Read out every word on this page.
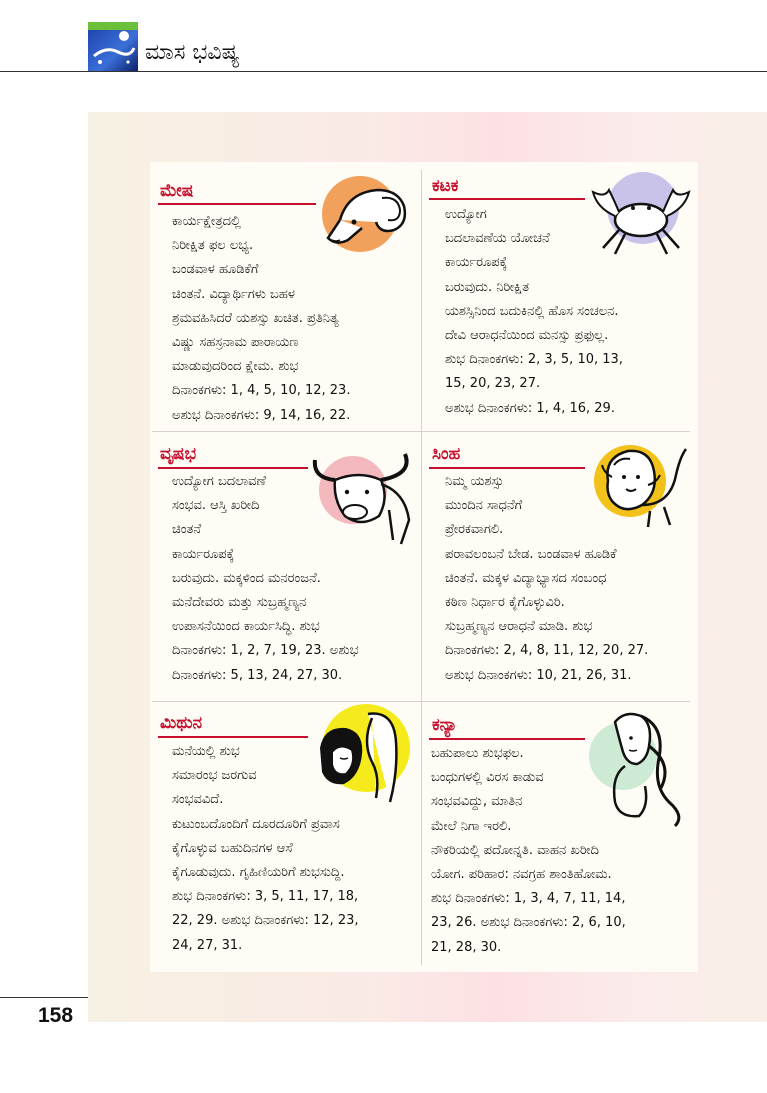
ಮಾಸ ಭವಿಷ್ಯ
ಮೇಷ
ಕಾರ್ಯಕ್ಷೇತ್ರದಲ್ಲಿ
ನಿರೀಕ್ಷಿತ ಫಲ ಲಭ್ಯ.
ಬಂಡವಾಳ ಹೂಡಿಕೆಗೆ
ಚಿಂತನೆ. ವಿದ್ಯಾರ್ಥಿಗಳು ಬಹಳ
ಶ್ರಮವಹಿಸಿದರೆ ಯಶಸ್ಸು ಖಚಿತ. ಪ್ರತಿನಿತ್ಯ
ವಿಷ್ಣು ಸಹಸ್ರನಾಮ ಪಾರಾಯಣ
ಮಾಡುವುದರಿಂದ ಕ್ಷೇಮ. ಶುಭ
ದಿನಾಂಕಗಳು: 1, 4, 5, 10, 12, 23.
ಅಶುಭ ದಿನಾಂಕಗಳು: 9, 14, 16, 22.
ಕಟಕ
ಉದ್ಯೋಗ
ಬದಲಾವಣೆಯ ಯೋಚನೆ
ಕಾರ್ಯರೂಪಕ್ಕೆ
ಬರುವುದು. ನಿರೀಕ್ಷಿತ
ಯಶಸ್ಸಿನಿಂದ ಬದುಕಿನಲ್ಲಿ ಹೊಸ ಸಂಚಲನ.
ದೇವಿ ಆರಾಧನೆಯಿಂದ ಮನಸ್ಸು ಪ್ರಫುಲ್ಲ.
ಶುಭ ದಿನಾಂಕಗಳು: 2, 3, 5, 10, 13,
15, 20, 23, 27.
ಅಶುಭ ದಿನಾಂಕಗಳು: 1, 4, 16, 29.
ವೃಷಭ
ಉದ್ಯೋಗ ಬದಲಾವಣೆ
ಸಂಭವ. ಆಸ್ತಿ ಖರೀದಿ
ಚಿಂತನೆ
ಕಾರ್ಯರೂಪಕ್ಕೆ
ಬರುವುದು. ಮಕ್ಕಳಿಂದ ಮನರಂಜನೆ.
ಮನೆದೇವರು ಮತ್ತು ಸುಬ್ರಹ್ಮಣ್ಯನ
ಉಪಾಸನೆಯಿಂದ ಕಾರ್ಯಸಿದ್ಧಿ. ಶುಭ
ದಿನಾಂಕಗಳು: 1, 2, 7, 19, 23. ಅಶುಭ
ದಿನಾಂಕಗಳು: 5, 13, 24, 27, 30.
ಸಿಂಹ
ನಿಮ್ಮ ಯಶಸ್ಸು
ಮುಂದಿನ ಸಾಧನೆಗೆ
ಪ್ರೇರಕವಾಗಲಿ.
ಪರಾವಲಂಬನೆ ಬೇಡ. ಬಂಡವಾಳ ಹೂಡಿಕೆ
ಚಿಂತನೆ. ಮಕ್ಕಳ ವಿದ್ಯಾಭ್ಯಾಸದ ಸಂಬಂಧ
ಕಠಿಣ ನಿರ್ಧಾರ ಕೈಗೊಳ್ಳುವಿರಿ.
ಸುಬ್ರಹ್ಮಣ್ಯನ ಆರಾಧನೆ ಮಾಡಿ. ಶುಭ
ದಿನಾಂಕಗಳು: 2, 4, 8, 11, 12, 20, 27.
ಅಶುಭ ದಿನಾಂಕಗಳು: 10, 21, 26, 31.
ಮಿಥುನ
ಮನೆಯಲ್ಲಿ ಶುಭ
ಸಮಾರಂಭ ಜರಗುವ
ಸಂಭವವಿದೆ.
ಕುಟುಂಬದೊಂದಿಗೆ ದೂರದೂರಿಗೆ ಪ್ರವಾಸ
ಕೈಗೊಳ್ಳುವ ಬಹುದಿನಗಳ ಆಸೆ
ಕೈಗೂಡುವುದು. ಗೃಹಿಣಿಯರಿಗೆ ಶುಭಸುದ್ದಿ.
ಶುಭ ದಿನಾಂಕಗಳು: 3, 5, 11, 17, 18,
22, 29. ಅಶುಭ ದಿನಾಂಕಗಳು: 12, 23,
24, 27, 31.
ಕನ್ಯಾ
ಬಹುಪಾಲು ಶುಭಫಲ.
ಬಂಧುಗಳಲ್ಲಿ ವಿರಸ ಕಾಡುವ
ಸಂಭವವಿದ್ದು, ಮಾತಿನ
ಮೇಲೆ ನಿಗಾ ಇರಲಿ.
ನೌಕರಿಯಲ್ಲಿ ಪದೋನ್ನತಿ. ವಾಹನ ಖರೀದಿ
ಯೋಗ. ಪರಿಹಾರ: ನವಗ್ರಹ ಶಾಂತಿಹೋಮ.
ಶುಭ ದಿನಾಂಕಗಳು: 1, 3, 4, 7, 11, 14,
23, 26. ಅಶುಭ ದಿನಾಂಕಗಳು: 2, 6, 10,
21, 28, 30.
158
